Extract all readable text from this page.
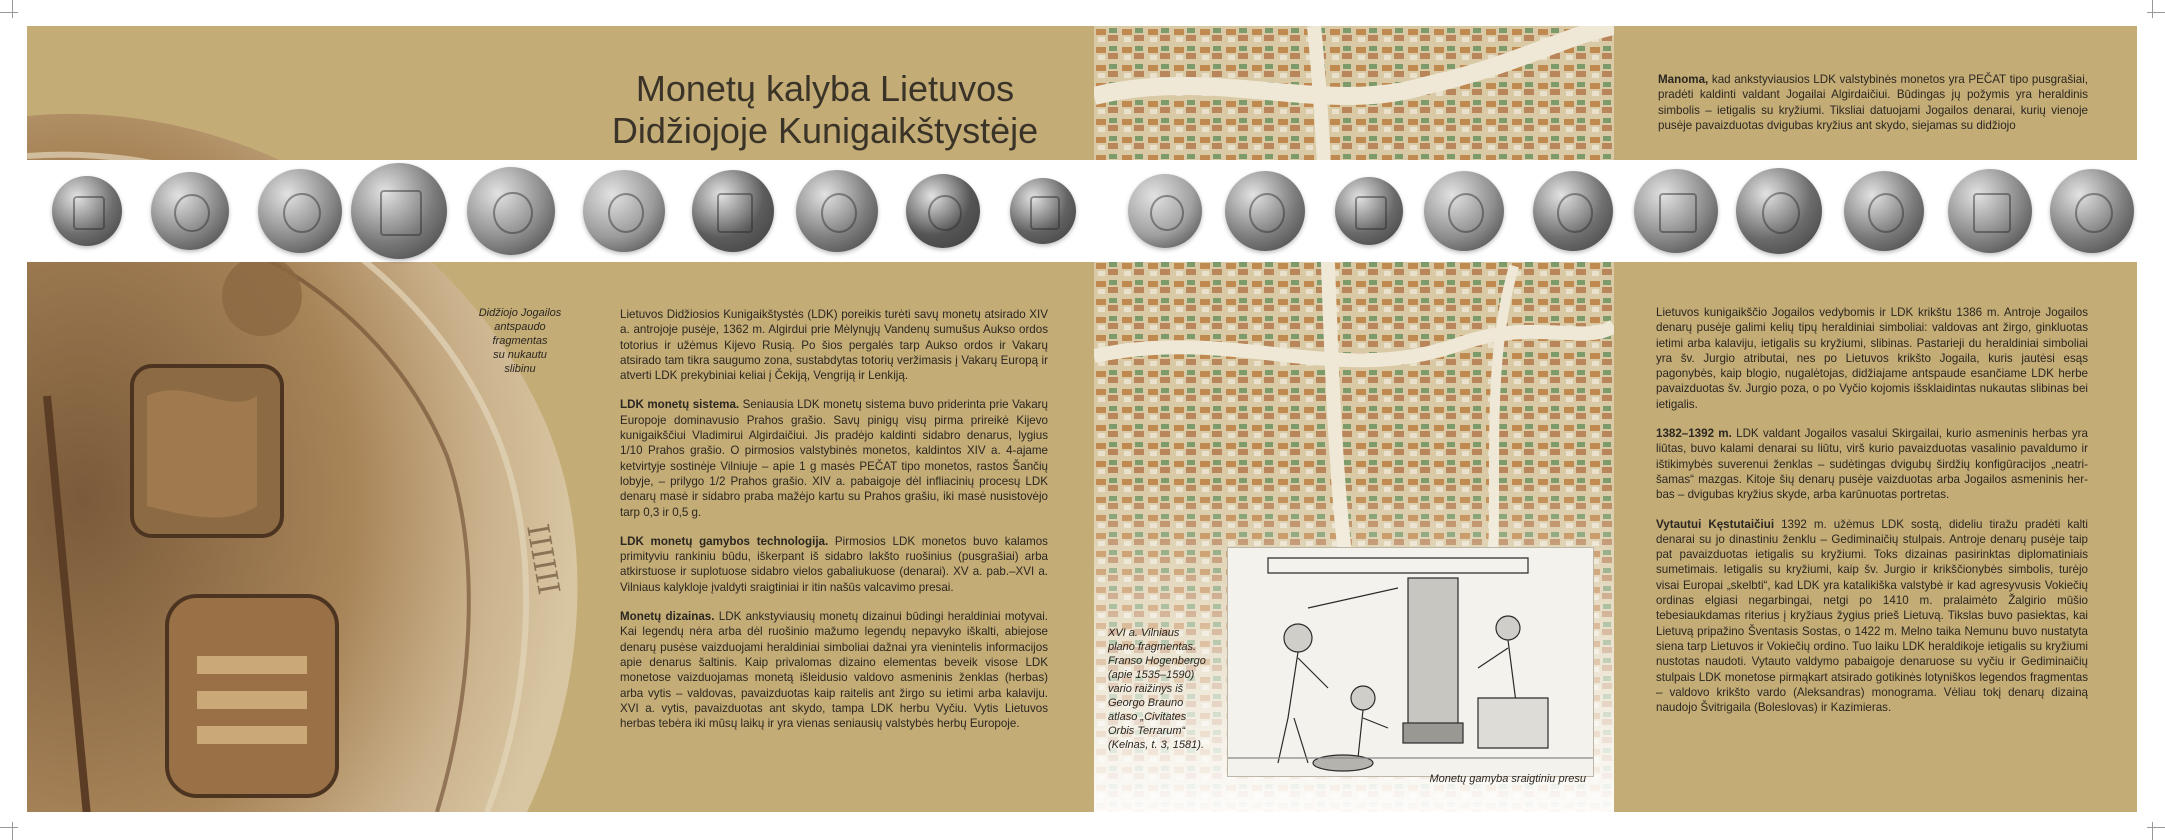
IIIIII
Monetų gamyba sraigtiniu presu
Monetų kalyba Lietuvos
Didžiojoje Kunigaikštystėje
Didžiojo Jogailos
antspaudo
fragmentas
su nukautu
slibinu
XVI a. Vilniaus
plano fragmentas.
Franso Hogenbergo
(apie 1535–1590)
vario raižinys iš
Georgo Brauno
atlaso „Civitates
Orbis Terrarum“
(Kelnas, t. 3, 1581).

Manoma, kad ankstyviausios LDK valstybinės monetos yra PEČAT tipo pusgrašiai, pradėti kaldinti valdant Jogailai Algirdaičiui. Būdingas jų požymis yra heraldinis simbolis – ietigalis su kryžiumi. Tiksliai datuojami Jogailos denarai, kurių vienoje pusėje pavaizduotas dvigubas kryžius ant skydo, siejamas su didžiojo

Lietuvos Didžiosios Kunigaikštystės (LDK) poreikis turėti savų monetų atsirado XIV a. antrojoje pusėje, 1362 m. Algirdui prie Mėlynųjų Vandenų sumušus Aukso ordos totorius ir užėmus Kijevo Rusią. Po šios pergalės tarp Aukso ordos ir Vakarų atsirado tam tikra saugumo zona, sustabdytas totorių veržimasis į Vakarų Europą ir atverti LDK prekybiniai keliai į Čekiją, Vengriją ir Lenkiją.

LDK monetų sistema. Seniausia LDK monetų sistema buvo priderinta prie Vakarų Europoje dominavusio Prahos grašio. Savų pinigų visų pirma prireikė Kijevo kunigaikščiui Vladimirui Algirdaičiui. Jis pradėjo kaldinti sidabro denarus, lygius 1/10 Prahos grašio. O pirmosios valstybinės monetos, kaldintos XIV a. 4-ajame ketvirtyje sostinėje Vilniuje – apie 1 g masės PEČAT tipo monetos, rastos Šančių lobyje, – prilygo 1/2 Prahos grašio. XIV a. pabaigoje dėl infliacinių procesų LDK denarų masė ir sidabro praba mažėjo kartu su Prahos grašiu, iki masė nusistovėjo tarp 0,3 ir 0,5 g.

LDK monetų gamybos technologija. Pirmosios LDK monetos buvo kalamos primityviu rankiniu būdu, iškerpant iš sidabro lakšto ruošinius (pusgrašiai) arba atkirstuose ir suplotuose sidabro vielos gabaliukuose (denarai). XV a. pab.–XVI a. Vilniaus kalykloje įvaldyti sraigtiniai ir itin našūs valcavimo presai.

Monetų dizainas. LDK ankstyviausių monetų dizainui būdingi heraldiniai motyvai. Kai legendų nėra arba dėl ruošinio mažumo legendų nepavyko iškalti, abiejose denarų pusėse vaizduojami heraldiniai simboliai dažnai yra vienintelis informacijos apie denarus šaltinis. Kaip privalomas dizaino elementas beveik visose LDK monetose vaizduojamas monetą išleidusio valdovo asmeninis ženklas (herbas) arba vytis – valdovas, pavaizduotas kaip raitelis ant žirgo su ietimi arba kalaviju. XVI a. vytis, pavaizduotas ant skydo, tampa LDK herbu Vyčiu. Vytis Lietuvos herbas tebėra iki mūsų laikų ir yra vienas seniausių valstybės herbų Europoje.

Lietuvos kunigaikščio Jogailos vedybomis ir LDK krikštu 1386 m. Antroje Jogailos denarų pusėje galimi kelių tipų heraldiniai simboliai: valdovas ant žirgo, ginkluotas ietimi arba kalaviju, ietigalis su kryžiumi, slibinas. Pastarieji du heraldiniai simboliai yra šv. Jurgio atributai, nes po Lietuvos krikšto Jogaila, kuris jautėsi esąs pagonybės, kaip blogio, nugalėtojas, didžiajame antspaude esančiame LDK herbe pavaizduotas šv. Jurgio poza, o po Vyčio kojomis išsklaidintas nukautas slibinas bei ietigalis.

1382–1392 m. LDK valdant Jogailos vasalui Skirgailai, kurio asmeninis herbas yra liūtas, buvo kalami denarai su liūtu, virš kurio pavaizduotas vasalinio pavaldumo ir ištikimybės suverenui ženklas – sudėtingas dvigubų širdžių konfigūracijos „neatrišamas“ mazgas. Kitoje šių denarų pusėje vaizduotas arba Jogailos asmeninis herbas – dvigubas kryžius skyde, arba karūnuotas portretas.

Vytautui Kęstutaičiui 1392 m. užėmus LDK sostą, dideliu tiražu pradėti kalti denarai su jo dinastiniu ženklu – Gediminaičių stulpais. Antroje denarų pusėje taip pat pavaizduotas ietigalis su kryžiumi. Toks dizainas pasirinktas diplomatiniais sumetimais. Ietigalis su kryžiumi, kaip šv. Jurgio ir krikščionybės simbolis, turėjo visai Europai „skelbti“, kad LDK yra katalikiška valstybė ir kad agresyvusis Vokiečių ordinas elgiasi negarbingai, netgi po 1410 m. pralaimėto Žalgirio mūšio tebesiaukdamas riterius į kryžiaus žygius prieš Lietuvą. Tikslas buvo pasiektas, kai Lietuvą pripažino Šventasis Sostas, o 1422 m. Melno taika Nemunu buvo nustatyta siena tarp Lietuvos ir Vokiečių ordino. Tuo laiku LDK heraldikoje ietigalis su kryžiumi nustotas naudoti. Vytauto valdymo pabaigoje denaruose su vyčiu ir Gediminaičių stulpais LDK monetose pirmąkart atsirado gotikinės lotyniškos legendos fragmentas – valdovo krikšto vardo (Aleksandras) monograma. Vėliau tokį denarų dizainą naudojo Švitrigaila (Boleslovas) ir Kazimieras.
